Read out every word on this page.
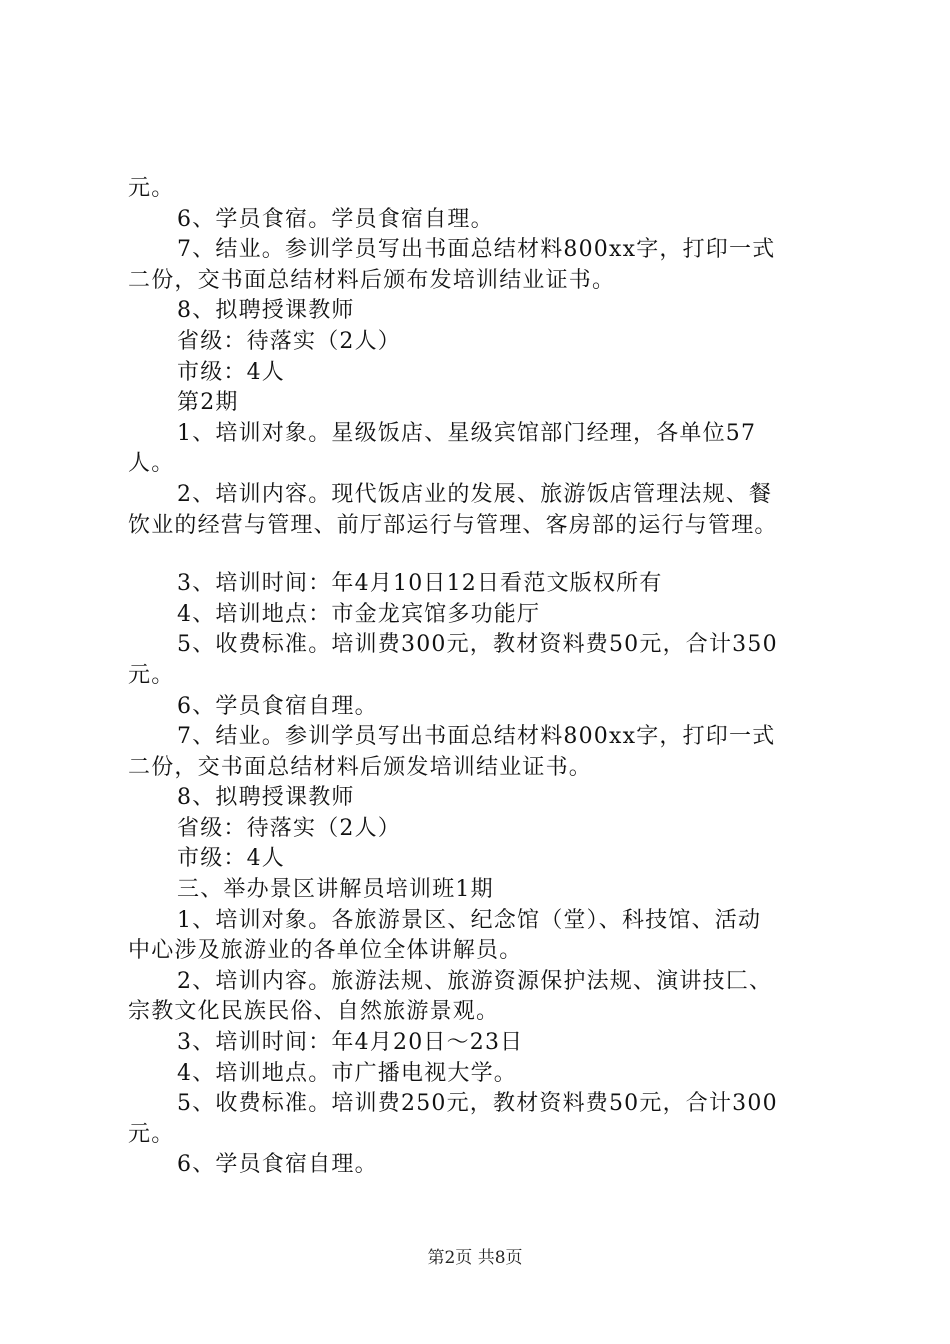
元。
6、学员食宿。学员食宿自理。
7、结业。参训学员写出书面总结材料800xx字，打印一式
二份，交书面总结材料后颁布发培训结业证书。
8、拟聘授课教师
省级：待落实（2人）
市级：4人
第2期
1、培训对象。星级饭店、星级宾馆部门经理，各单位57
人。
2、培训内容。现代饭店业的发展、旅游饭店管理法规、餐
饮业的经营与管理、前厅部运行与管理、客房部的运行与管理。
3、培训时间：年4月10日12日看范文版权所有
4、培训地点：市金龙宾馆多功能厅
5、收费标准。培训费300元，教材资料费50元，合计350
元。
6、学员食宿自理。
7、结业。参训学员写出书面总结材料800xx字，打印一式
二份，交书面总结材料后颁发培训结业证书。
8、拟聘授课教师
省级：待落实（2人）
市级：4人
三、举办景区讲解员培训班1期
1、培训对象。各旅游景区、纪念馆（堂）、科技馆、活动
中心涉及旅游业的各单位全体讲解员。
2、培训内容。旅游法规、旅游资源保护法规、演讲技匚、
宗教文化民族民俗、自然旅游景观。
3、培训时间：年4月20日～23日
4、培训地点。市广播电视大学。
5、收费标准。培训费250元，教材资料费50元，合计300
元。
6、学员食宿自理。
第2页 共8页
